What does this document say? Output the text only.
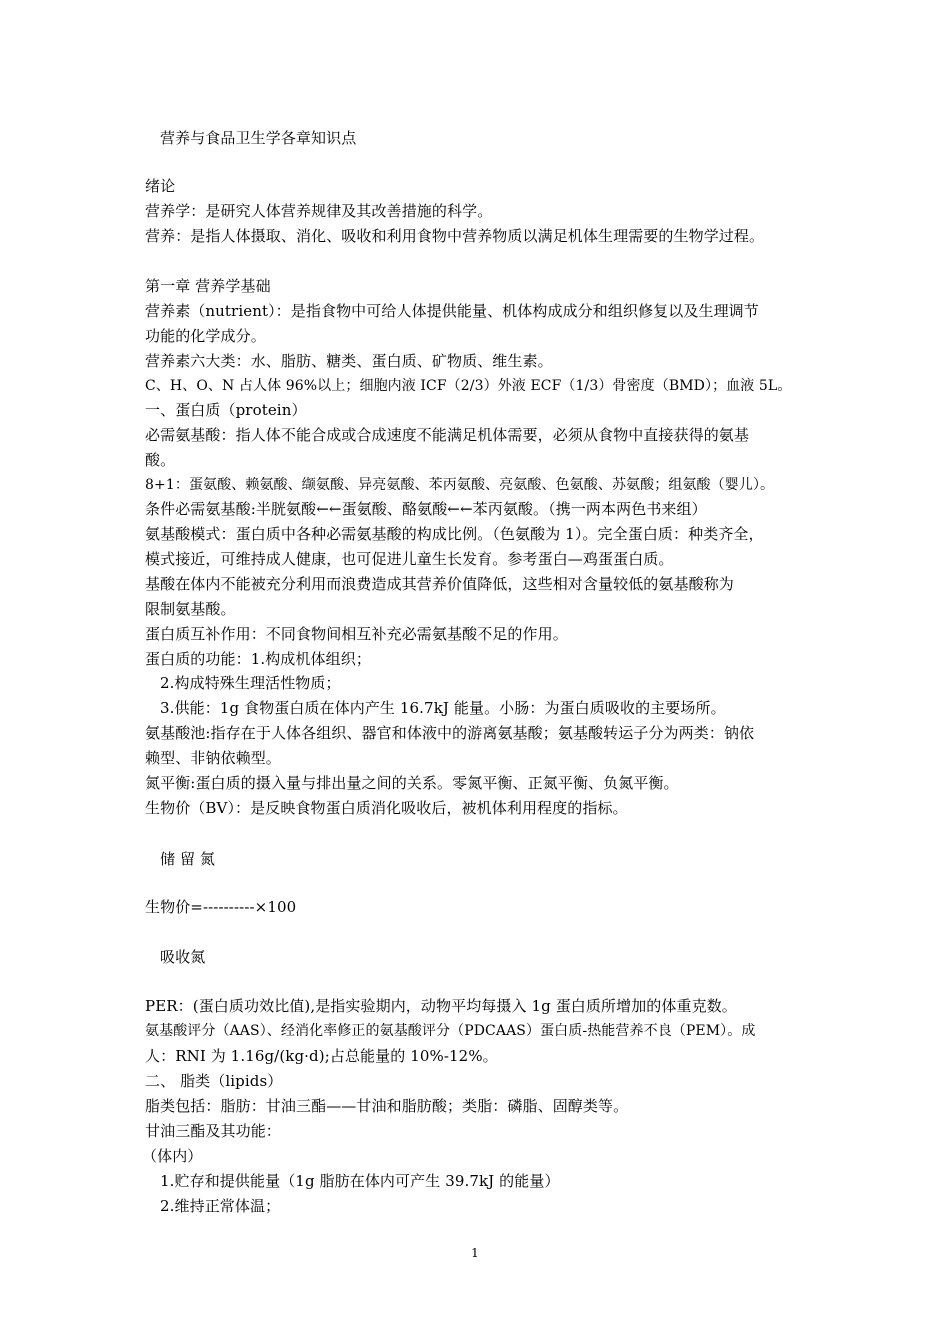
营养与食品卫生学各章知识点
绪论
营养学：是研究人体营养规律及其改善措施的科学。
营养：是指人体摄取、消化、吸收和利用食物中营养物质以满足机体生理需要的生物学过程。
第一章 营养学基础
营养素（nutrient）：是指食物中可给人体提供能量、机体构成成分和组织修复以及生理调节
功能的化学成分。
营养素六大类：水、脂肪、糖类、蛋白质、矿物质、维生素。
C、H、O、N 占人体 96%以上；细胞内液 ICF（2/3）外液 ECF（1/3）骨密度（BMD）；血液 5L。
一、蛋白质（protein）
必需氨基酸：指人体不能合成或合成速度不能满足机体需要，必须从食物中直接获得的氨基
酸。
8+1：蛋氨酸、赖氨酸、缬氨酸、异亮氨酸、苯丙氨酸、亮氨酸、色氨酸、苏氨酸；组氨酸（婴儿）。
条件必需氨基酸:半胱氨酸←←蛋氨酸、酪氨酸←←苯丙氨酸。（携一两本两色书来组）
氨基酸模式：蛋白质中各种必需氨基酸的构成比例。（色氨酸为 1）。完全蛋白质：种类齐全，
模式接近，可维持成人健康，也可促进儿童生长发育。参考蛋白—鸡蛋蛋白质。
基酸在体内不能被充分利用而浪费造成其营养价值降低，这些相对含量较低的氨基酸称为
限制氨基酸。
蛋白质互补作用：不同食物间相互补充必需氨基酸不足的作用。
蛋白质的功能：1.构成机体组织；
2.构成特殊生理活性物质；
3.供能：1g 食物蛋白质在体内产生 16.7kJ 能量。小肠：为蛋白质吸收的主要场所。
氨基酸池:指存在于人体各组织、器官和体液中的游离氨基酸；氨基酸转运子分为两类：钠依
赖型、非钠依赖型。
氮平衡:蛋白质的摄入量与排出量之间的关系。零氮平衡、正氮平衡、负氮平衡。
生物价（BV）：是反映食物蛋白质消化吸收后，被机体利用程度的指标。
储 留 氮
生物价=----------×100
吸收氮
PER：(蛋白质功效比值),是指实验期内，动物平均每摄入 1g 蛋白质所增加的体重克数。
氨基酸评分（AAS）、经消化率修正的氨基酸评分（PDCAAS）蛋白质-热能营养不良（PEM）。成
人：RNI 为 1.16g/(kg·d);占总能量的 10%-12%。
二、 脂类（lipids）
脂类包括：脂肪：甘油三酯——甘油和脂肪酸；类脂：磷脂、固醇类等。
甘油三酯及其功能：
（体内）
1.贮存和提供能量（1g 脂肪在体内可产生 39.7kJ 的能量）
2.维持正常体温；
1
